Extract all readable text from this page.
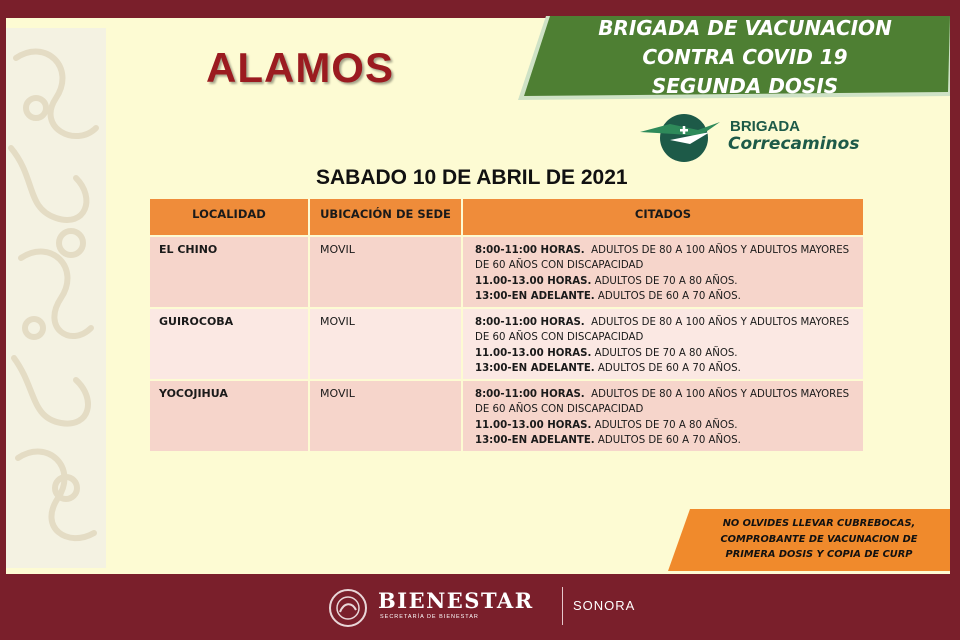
ALAMOS
BRIGADA DE VACUNACION
CONTRA COVID 19
SEGUNDA DOSIS
BRIGADA
Correcaminos
SABADO 10 DE ABRIL DE 2021
LOCALIDAD	UBICACIÓN DE SEDE	CITADOS
EL CHINO	MOVIL	8:00-11:00 HORAS. ADULTOS DE 80 A 100 AÑOS Y ADULTOS MAYORES
DE 60 AÑOS CON DISCAPACIDAD
11.00-13.00 HORAS. ADULTOS DE 70 A 80 AÑOS.
13:00-EN ADELANTE. ADULTOS DE 60 A 70 AÑOS.
GUIROCOBA	MOVIL	8:00-11:00 HORAS. ADULTOS DE 80 A 100 AÑOS Y ADULTOS MAYORES
DE 60 AÑOS CON DISCAPACIDAD
11.00-13.00 HORAS. ADULTOS DE 70 A 80 AÑOS.
13:00-EN ADELANTE. ADULTOS DE 60 A 70 AÑOS.
YOCOJIHUA	MOVIL	8:00-11:00 HORAS. ADULTOS DE 80 A 100 AÑOS Y ADULTOS MAYORES
DE 60 AÑOS CON DISCAPACIDAD
11.00-13.00 HORAS. ADULTOS DE 70 A 80 AÑOS.
13:00-EN ADELANTE. ADULTOS DE 60 A 70 AÑOS.
NO OLVIDES LLEVAR CUBREBOCAS,
COMPROBANTE DE VACUNACION DE
PRIMERA DOSIS Y COPIA DE CURP
BIENESTAR
SECRETARÍA DE BIENESTAR
SONORA
